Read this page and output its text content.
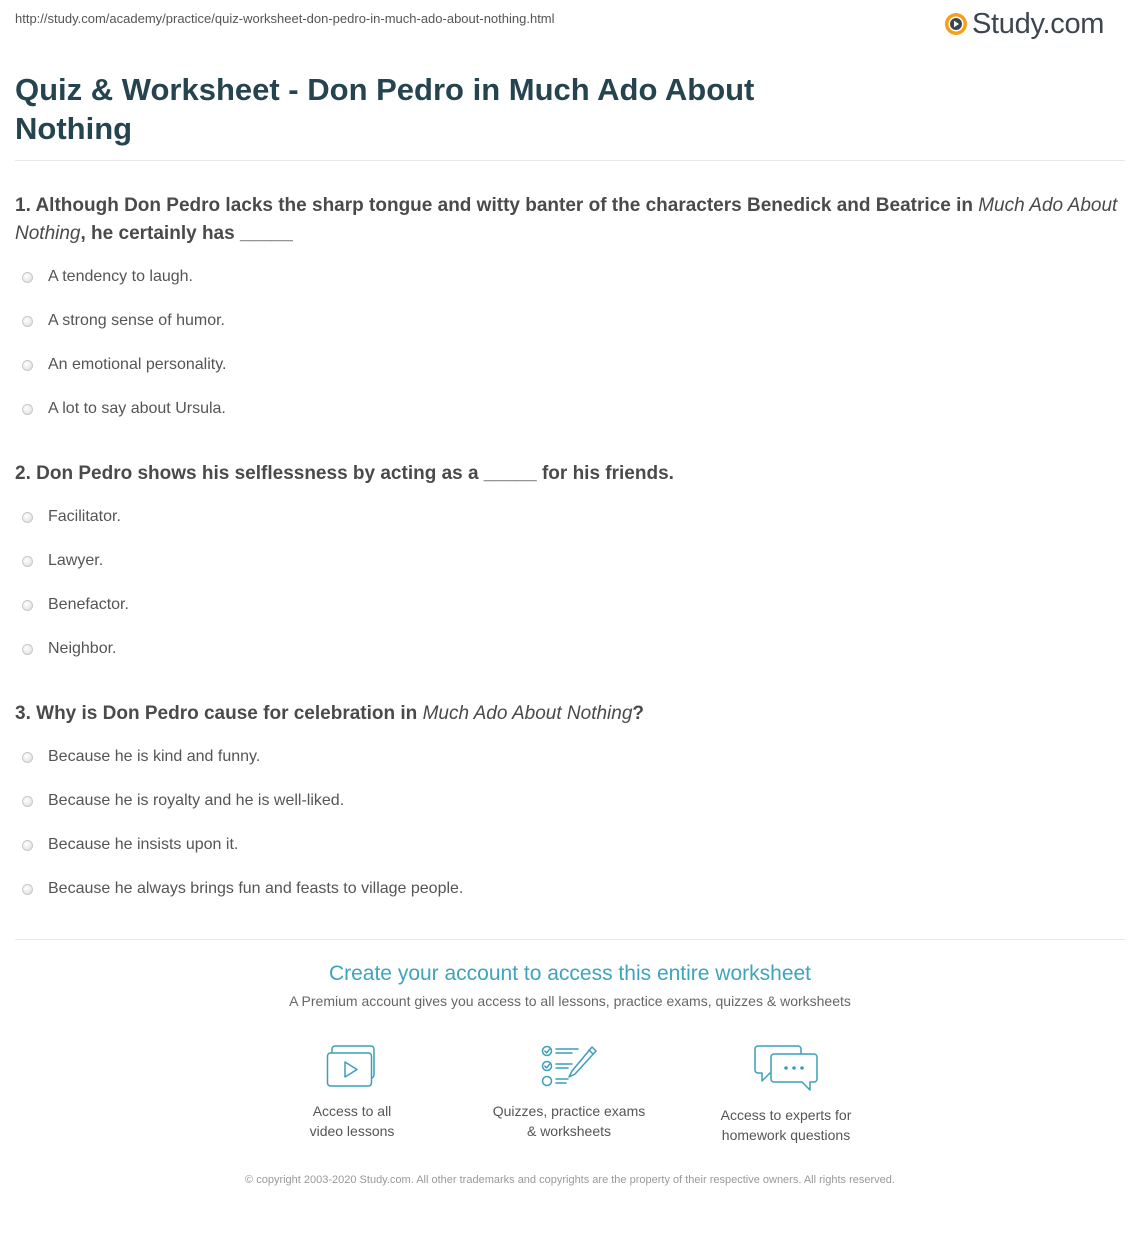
http://study.com/academy/practice/quiz-worksheet-don-pedro-in-much-ado-about-nothing.html	Study.com
Quiz & Worksheet - Don Pedro in Much Ado About Nothing

1. Although Don Pedro lacks the sharp tongue and witty banter of the characters Benedick and Beatrice in Much Ado About Nothing, he certainly has _____

A tendency to laugh.
A strong sense of humor.
An emotional personality.
A lot to say about Ursula.

2. Don Pedro shows his selflessness by acting as a _____ for his friends.

Facilitator.
Lawyer.
Benefactor.
Neighbor.

3. Why is Don Pedro cause for celebration in Much Ado About Nothing?

Because he is kind and funny.
Because he is royalty and he is well-liked.
Because he insists upon it.
Because he always brings fun and feasts to village people.
Create your account to access this entire worksheet
A Premium account gives you access to all lessons, practice exams, quizzes & worksheets
Access to all
video lessons
Quizzes, practice exams
& worksheets
Access to experts for
homework questions
© copyright 2003-2020 Study.com. All other trademarks and copyrights are the property of their respective owners. All rights reserved.
